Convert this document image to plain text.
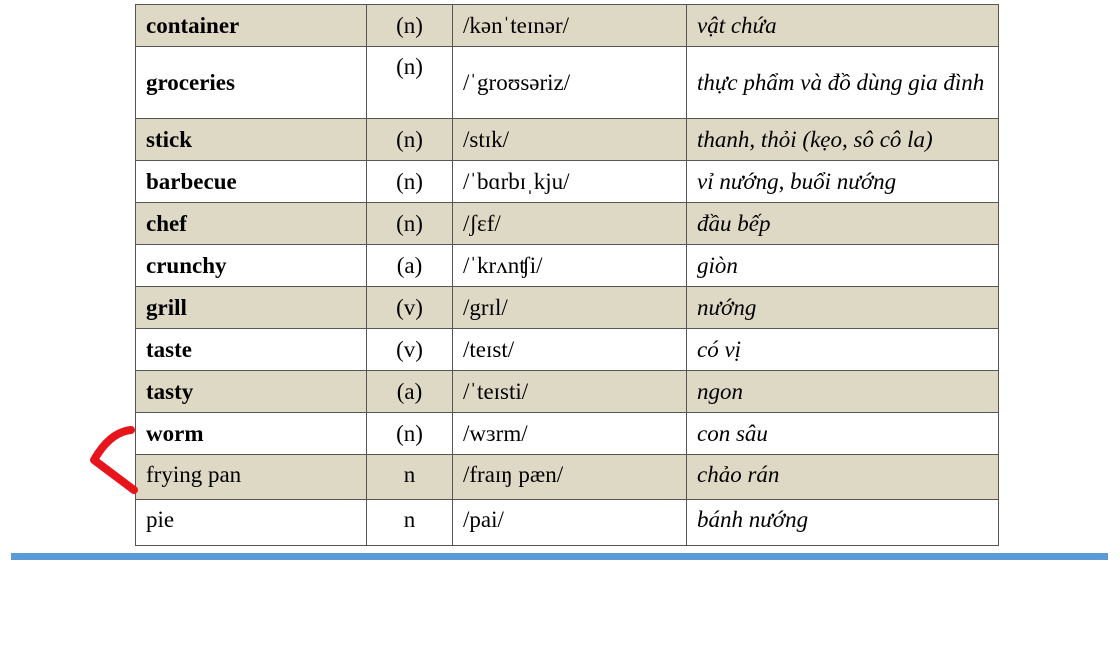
container	(n)	/kənˈteɪnər/	vật chứa
groceries	(n)	/ˈgroʊsəriz/	thực phẩm và đồ dùng gia đình
stick	(n)	/stɪk/	thanh, thỏi (kẹo, sô cô la)
barbecue	(n)	/ˈbɑrbɪˌkju/	vỉ nướng, buổi nướng
chef	(n)	/ʃɛf/	đầu bếp
crunchy	(a)	/ˈkrʌnʧi/	giòn
grill	(v)	/grɪl/	nướng
taste	(v)	/teɪst/	có vị
tasty	(a)	/ˈteɪsti/	ngon
worm	(n)	/wɜrm/	con sâu
frying pan	n	/fraɪŋ pæn/	chảo rán
pie	n	/pai/	bánh nướng
